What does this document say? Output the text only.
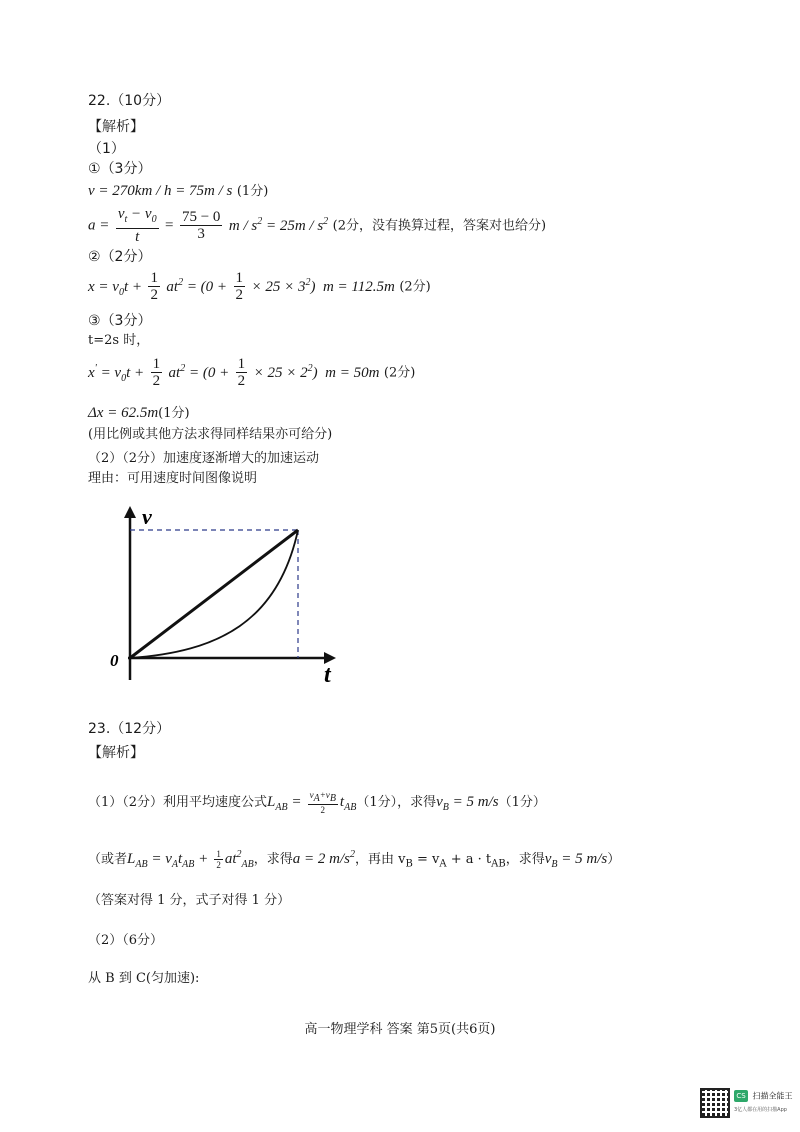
22.（10分）
【解析】
（1）
①（3分）
v = 270km / h = 75m / s (1分)
$a = \frac{v_t - v_0}{t} = \frac{75 - 0}{3}$ $m / s^2 = 25m / s^2$ (2分，没有换算过程，答案对也给分)
②（2分）
$x = v_0t + \frac{1}{2} at^2 = (0 + \frac{1}{2} \times 25 \times 3^2) m = 112.5m$ (2分)
③（3分）
t=2s 时，
$x' = v_0t + \frac{1}{2} at^2 = (0 + \frac{1}{2} \times 25 \times 2^2) m = 50m$ (2分)
Δx = 62.5m(1分)
(用比例或其他方法求得同样结果亦可给分)
（2）（2分）加速度逐渐增大的加速运动
理由：可用速度时间图像说明
v
t
0
23.（12分）
【解析】
（1）（2分）利用平均速度公式$L_{AB} = \frac{v_A+v_B}{2} t_{AB}(1$分），求得$v_B = 5$ m/s（1分）
（或者$L_{AB} = v_At_{AB} + \frac{1}{2} at^2_{AB}$，求得a = 2 $m/s^2$，再由 $v_B = v_A + a \cdot t_{AB}$，求得$v_B = 5$ m/s）
（答案对得 1 分，式子对得 1 分）
（2）（6分）
从 B 到 C(匀加速):
高一物理学科 答案 第5页(共6页)
CS 扫描全能王
3亿人都在用的扫描App
